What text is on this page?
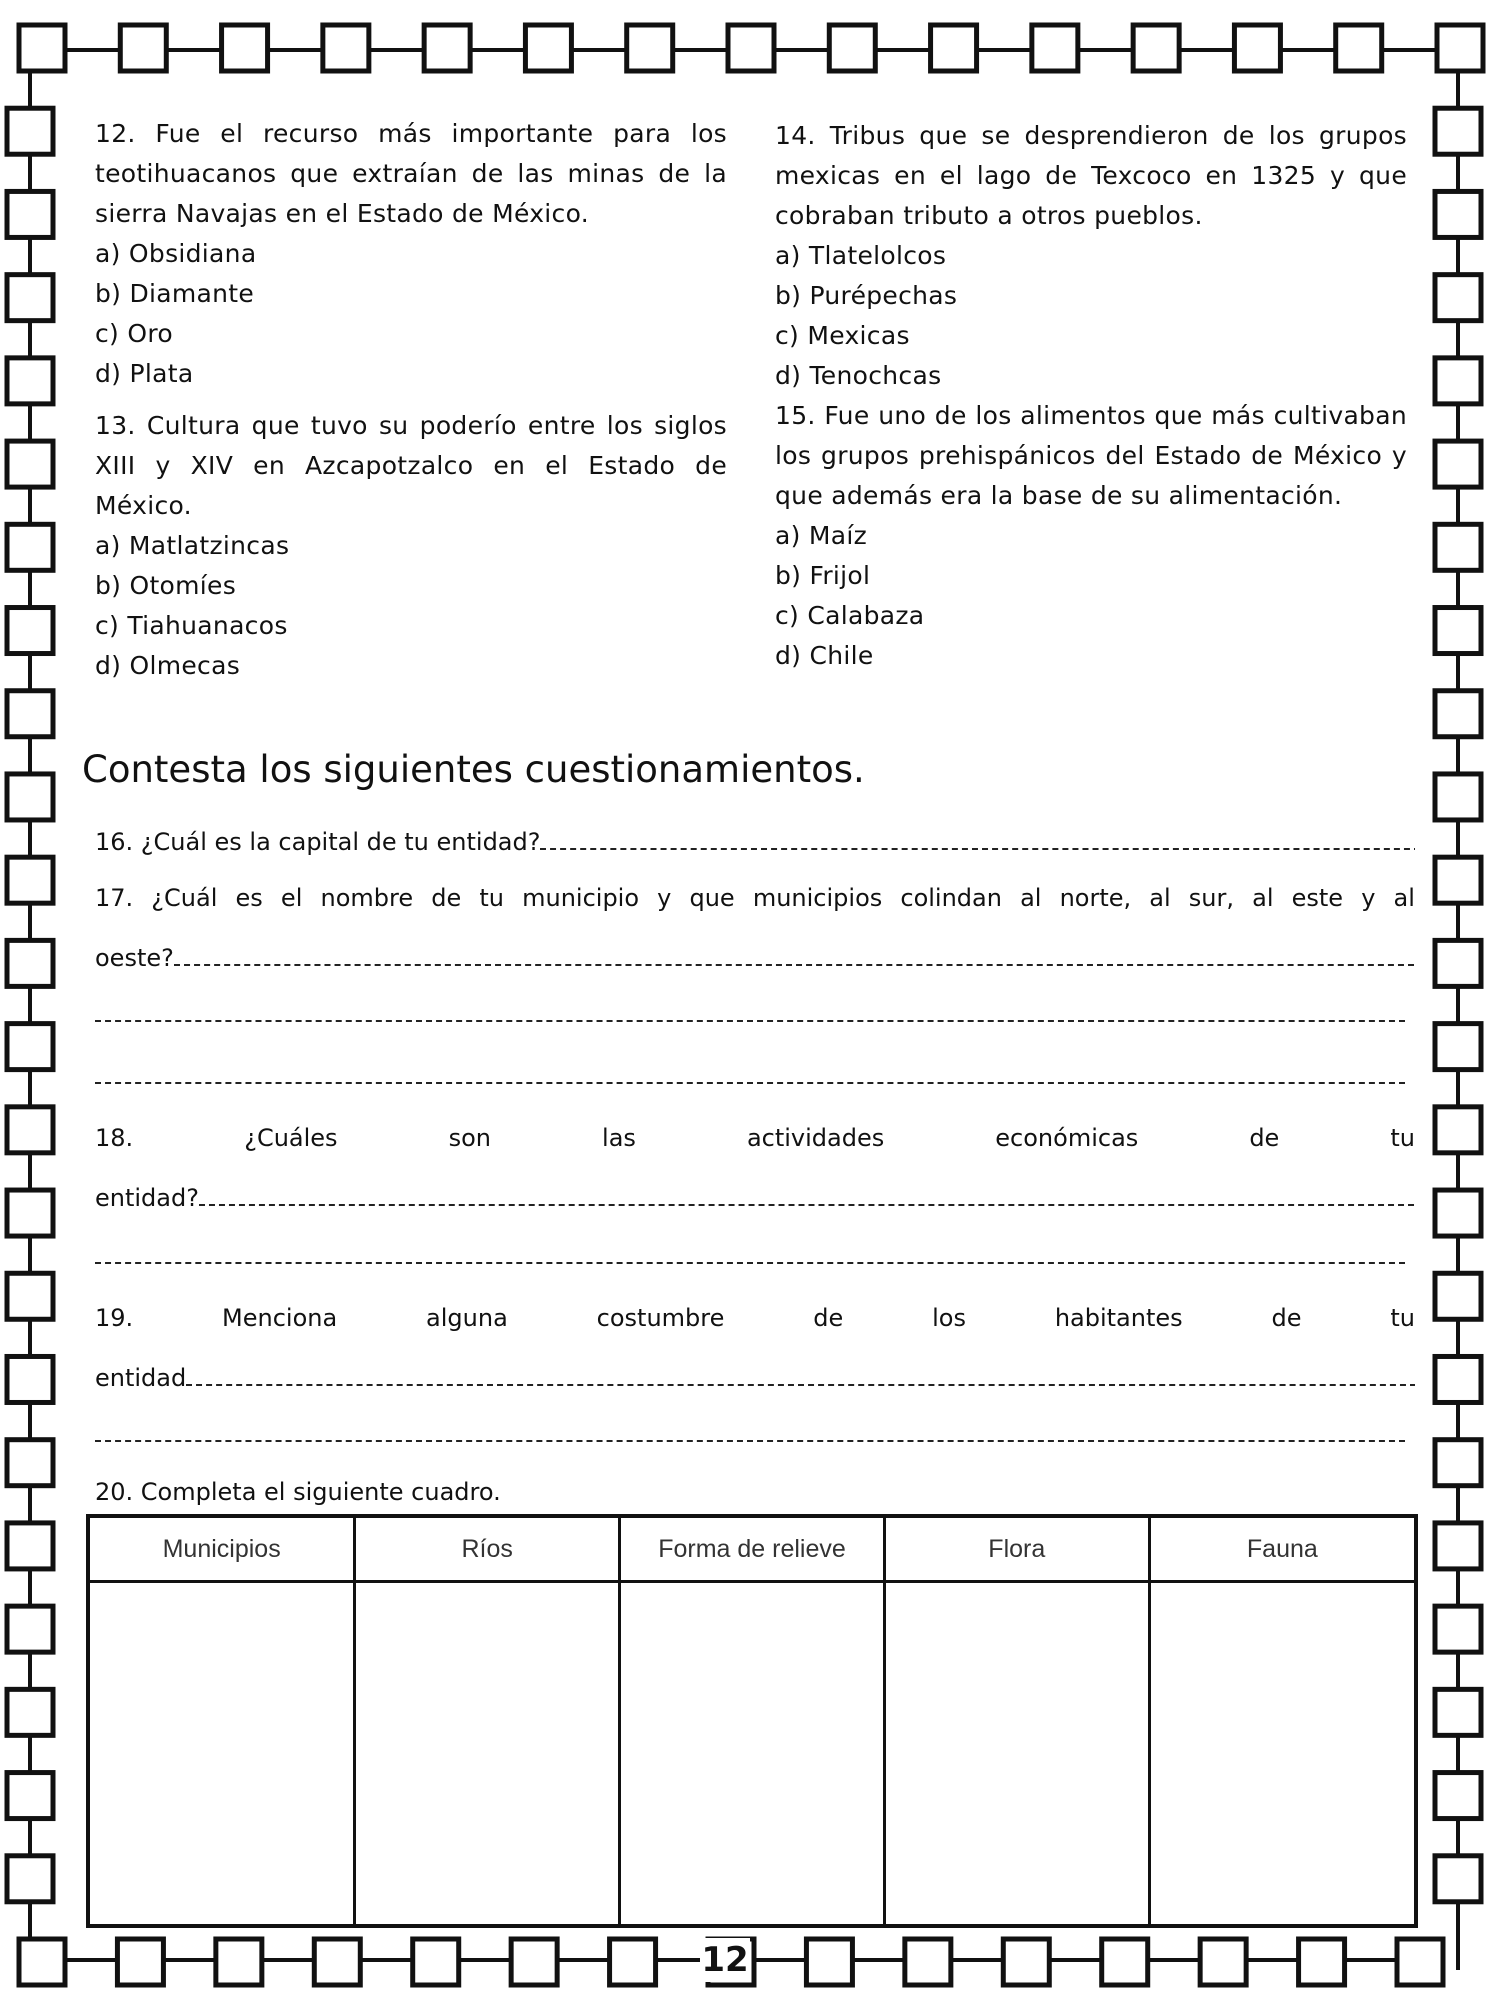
12. Fue el recurso más importante para los teotihuacanos que extraían de las minas de la sierra Navajas en el Estado de México.

a) Obsidiana
b) Diamante
c) Oro
d) Plata

13. Cultura que tuvo su poderío entre los siglos XIII y XIV en Azcapotzalco en el Estado de México.

a) Matlatzincas
b) Otomíes
c) Tiahuanacos
d) Olmecas

14. Tribus que se desprendieron de los grupos mexicas en el lago de Texcoco en 1325 y que cobraban tributo a otros pueblos.

a) Tlatelolcos
b) Purépechas
c) Mexicas
d) Tenochcas

15. Fue uno de los alimentos que más cultivaban los grupos prehispánicos del Estado de México y que además era la base de su alimentación.

a) Maíz
b) Frijol
c) Calabaza
d) Chile
Contesta los siguientes cuestionamientos.
16. ¿Cuál es la capital de tu entidad?
17. ¿Cuál es el nombre de tu municipio y que municipios colindan al norte, al sur, al este y al
oeste?
18.	¿Cuáles	son	las	actividades	económicas	de	tu
entidad?
19.	Menciona	alguna	costumbre	de	los	habitantes	de	tu
entidad
20. Completa el siguiente cuadro.
Municipios	Ríos	Forma de relieve	Flora	Fauna

12
